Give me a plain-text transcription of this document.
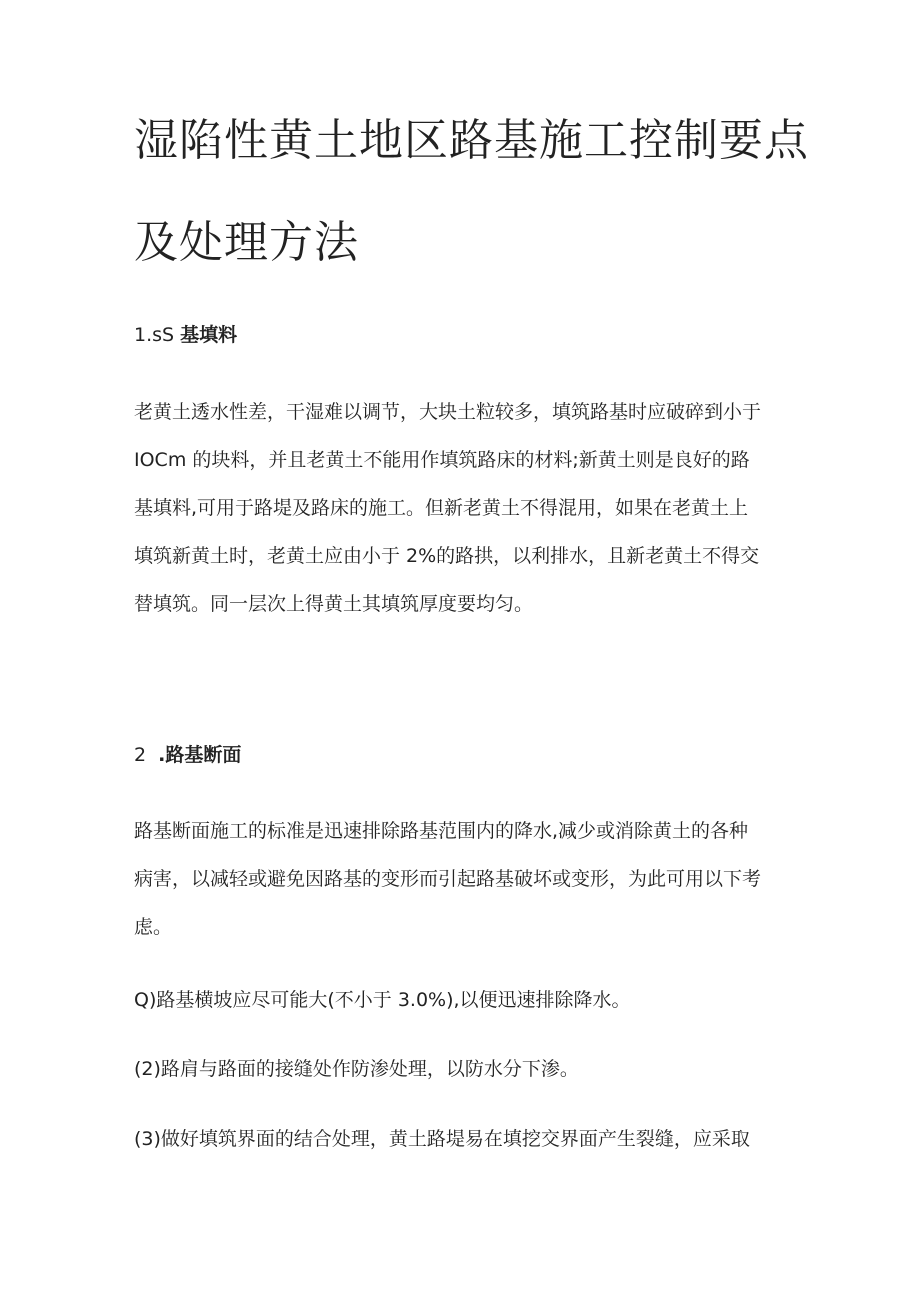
湿陷性黄土地区路基施工控制要点
及处理方法
1.sS 基填料
老黄土透水性差，干湿难以调节，大块土粒较多，填筑路基时应破碎到小于
IOCm 的块料，并且老黄土不能用作填筑路床的材料;新黄土则是良好的路
基填料,可用于路堤及路床的施工。但新老黄土不得混用，如果在老黄土上
填筑新黄土时，老黄土应由小于 2%的路拱，以利排水，且新老黄土不得交
替填筑。同一层次上得黄土其填筑厚度要均匀。
2  .路基断面
路基断面施工的标准是迅速排除路基范围内的降水,减少或消除黄土的各种
病害，以减轻或避免因路基的变形而引起路基破坏或变形，为此可用以下考
虑。
Q)路基横坡应尽可能大(不小于 3.0%),以便迅速排除降水。
(2)路肩与路面的接缝处作防渗处理，以防水分下渗。
(3)做好填筑界面的结合处理，黄土路堤易在填挖交界面产生裂缝，应采取
